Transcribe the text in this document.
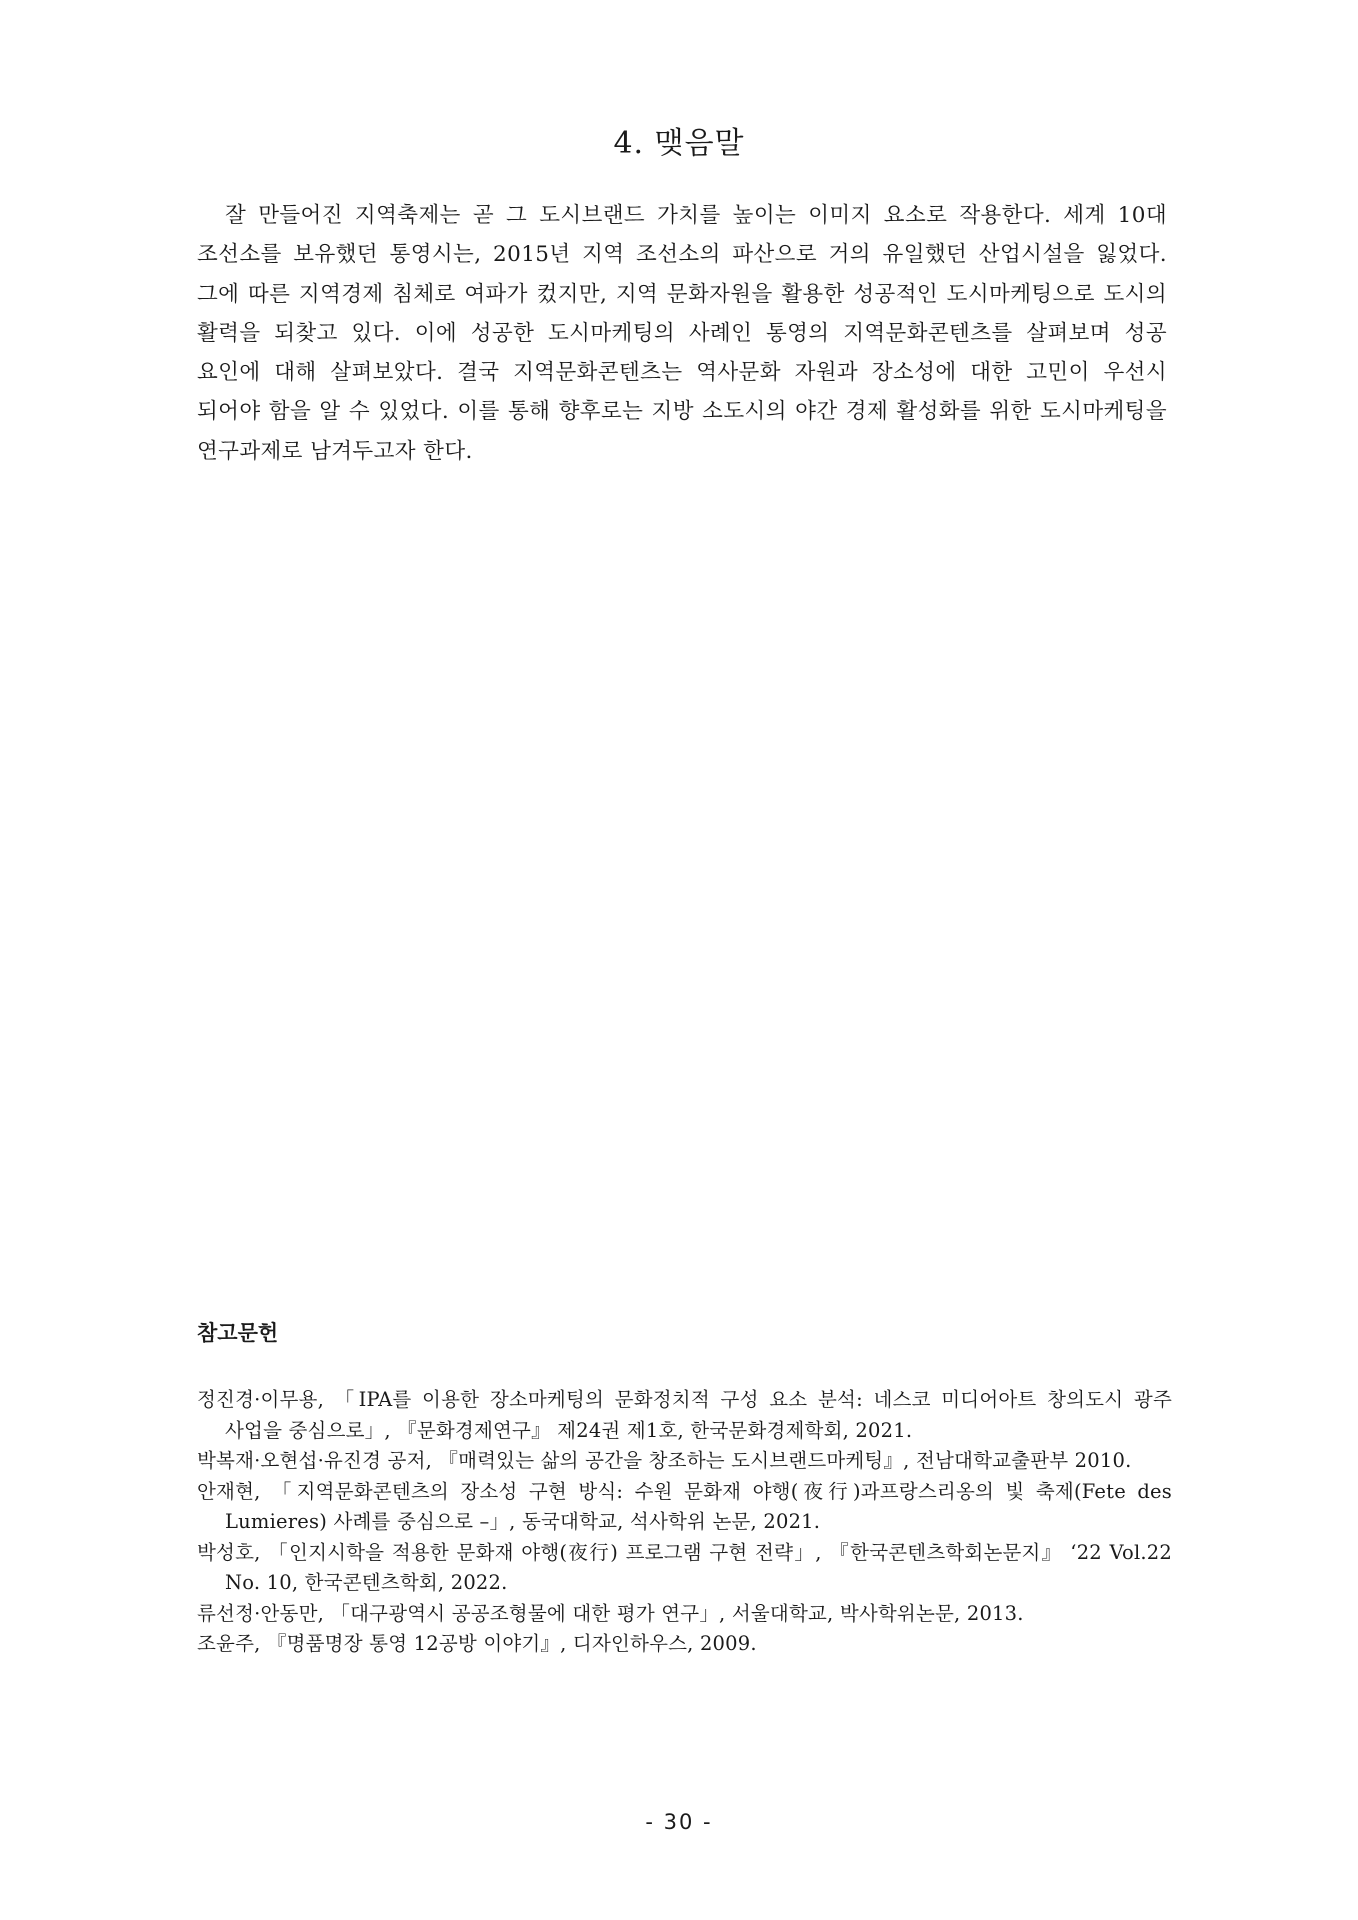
4. 맺음말

잘 만들어진 지역축제는 곧 그 도시브랜드 가치를 높이는 이미지 요소로 작용한다. 세계 10대 조선소를 보유했던 통영시는, 2015년 지역 조선소의 파산으로 거의 유일했던 산업시설을 잃었다. 그에 따른 지역경제 침체로 여파가 컸지만, 지역 문화자원을 활용한 성공적인 도시마케팅으로 도시의 활력을 되찾고 있다. 이에 성공한 도시마케팅의 사례인 통영의 지역문화콘텐츠를 살펴보며 성공 요인에 대해 살펴보았다. 결국 지역문화콘텐츠는 역사문화 자원과 장소성에 대한 고민이 우선시 되어야 함을 알 수 있었다. 이를 통해 향후로는 지방 소도시의 야간 경제 활성화를 위한 도시마케팅을 연구과제로 남겨두고자 한다.

참고문헌
정진경·이무용, 「IPA를 이용한 장소마케팅의 문화정치적 구성 요소 분석: 네스코 미디어아트 창의도시 광주 사업을 중심으로」, 『문화경제연구』 제24권 제1호, 한국문화경제학회, 2021.
박복재·오현섭·유진경 공저, 『매력있는 삶의 공간을 창조하는 도시브랜드마케팅』, 전남대학교출판부 2010.
안재현, 「지역문화콘텐츠의 장소성 구현 방식: 수원 문화재 야행(夜行)과프랑스리옹의 빛 축제(Fete des Lumieres) 사례를 중심으로 –」, 동국대학교, 석사학위 논문, 2021.
박성호, 「인지시학을 적용한 문화재 야행(夜行) 프로그램 구현 전략」, 『한국콘텐츠학회논문지』 ‘22 Vol.22 No. 10, 한국콘텐츠학회, 2022.
류선정·안동만, 「대구광역시 공공조형물에 대한 평가 연구」, 서울대학교, 박사학위논문, 2013.
조윤주, 『명품명장 통영 12공방 이야기』, 디자인하우스, 2009.
- 30 -
